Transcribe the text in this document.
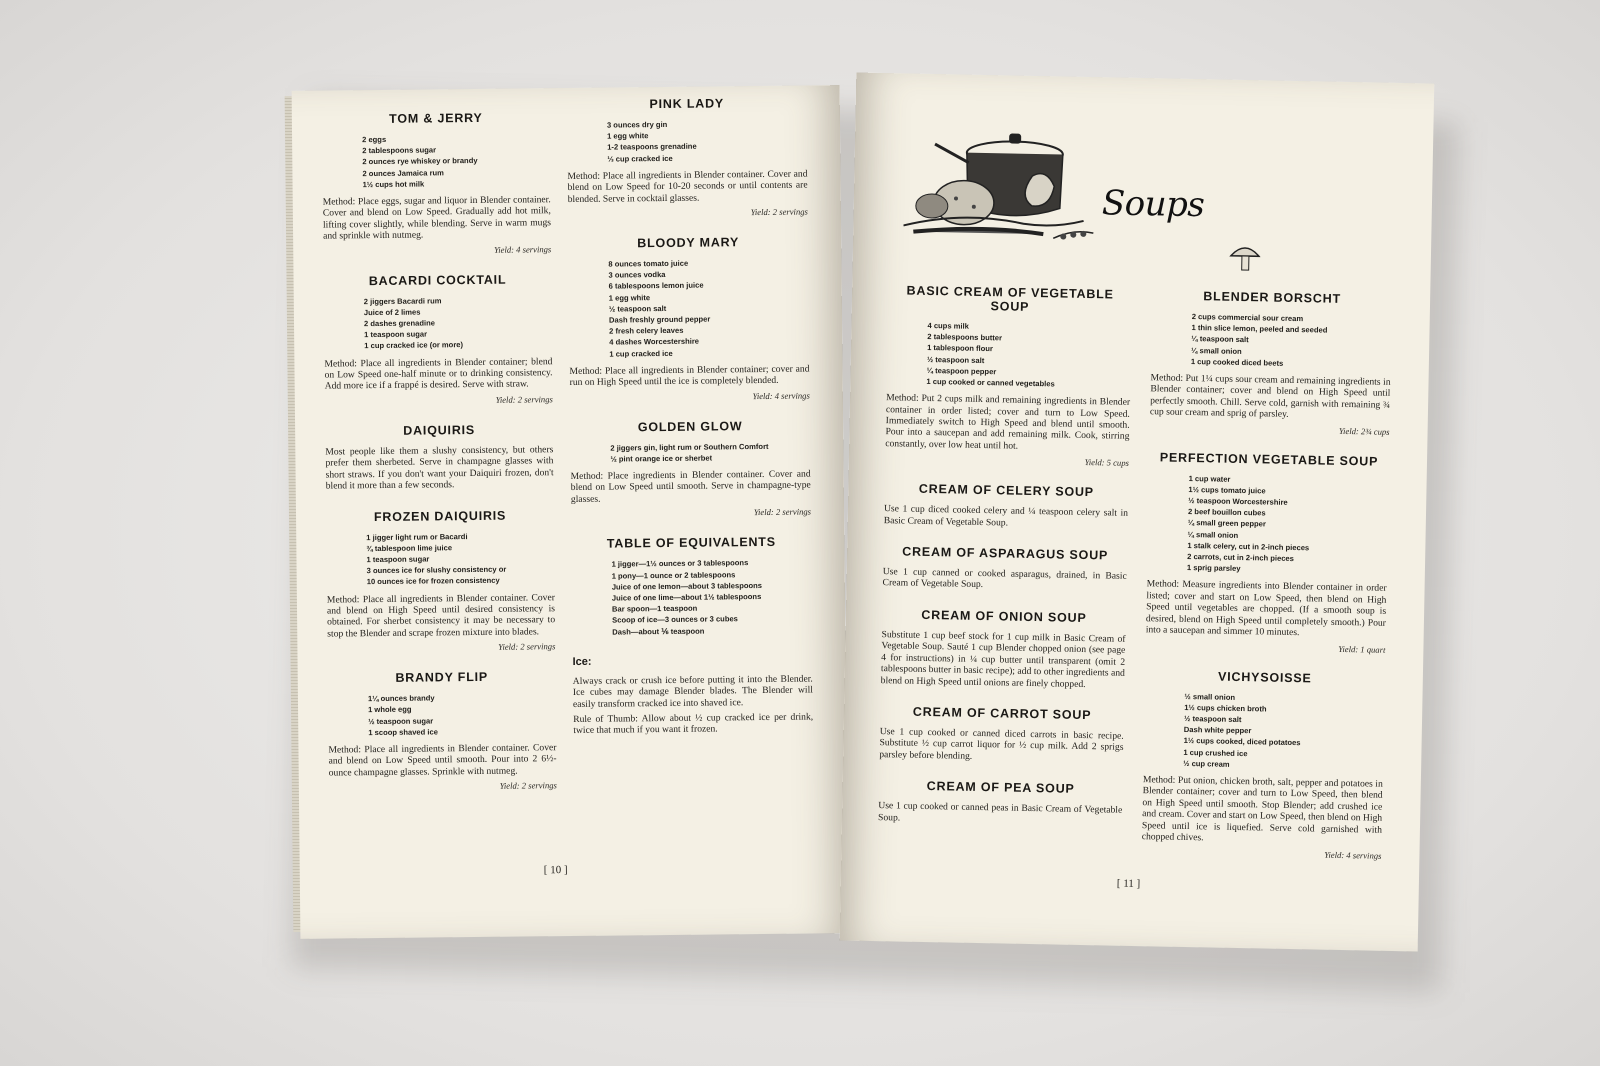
TOM & JERRY
2 eggs
2 tablespoons sugar
2 ounces rye whiskey or brandy
2 ounces Jamaica rum
1½ cups hot milk

Method: Place eggs, sugar and liquor in Blender container. Cover and blend on Low Speed. Gradually add hot milk, lifting cover slightly, while blending. Serve in warm mugs and sprinkle with nutmeg.

Yield: 4 servings

BACARDI COCKTAIL
2 jiggers Bacardi rum
Juice of 2 limes
2 dashes grenadine
1 teaspoon sugar
1 cup cracked ice (or more)

Method: Place all ingredients in Blender container; blend on Low Speed one-half minute or to drinking consistency. Add more ice if a frappé is desired. Serve with straw.

Yield: 2 servings

DAIQUIRIS

Most people like them a slushy consistency, but others prefer them sherbeted. Serve in champagne glasses with short straws. If you don't want your Daiquiri frozen, don't blend it more than a few seconds.

FROZEN DAIQUIRIS
1 jigger light rum or Bacardi
¾ tablespoon lime juice
1 teaspoon sugar
3 ounces ice for slushy consistency or
10 ounces ice for frozen consistency

Method: Place all ingredients in Blender container. Cover and blend on High Speed until desired consistency is obtained. For sherbet consistency it may be necessary to stop the Blender and scrape frozen mixture into blades.

Yield: 2 servings

BRANDY FLIP
1¼ ounces brandy
1 whole egg
½ teaspoon sugar
1 scoop shaved ice

Method: Place all ingredients in Blender container. Cover and blend on Low Speed until smooth. Pour into 2 6½-ounce champagne glasses. Sprinkle with nutmeg.

Yield: 2 servings

PINK LADY
3 ounces dry gin
1 egg white
1-2 teaspoons grenadine
⅓ cup cracked ice

Method: Place all ingredients in Blender container. Cover and blend on Low Speed for 10-20 seconds or until contents are blended. Serve in cocktail glasses.

Yield: 2 servings

BLOODY MARY
8 ounces tomato juice
3 ounces vodka
6 tablespoons lemon juice
1 egg white
½ teaspoon salt
Dash freshly ground pepper
2 fresh celery leaves
4 dashes Worcestershire
1 cup cracked ice

Method: Place all ingredients in Blender container; cover and run on High Speed until the ice is completely blended.

Yield: 4 servings

GOLDEN GLOW
2 jiggers gin, light rum or Southern Comfort
½ pint orange ice or sherbet

Method: Place ingredients in Blender container. Cover and blend on Low Speed until smooth. Serve in champagne-type glasses.

Yield: 2 servings

TABLE OF EQUIVALENTS
1 jigger—1½ ounces or 3 tablespoons
1 pony—1 ounce or 2 tablespoons
Juice of one lemon—about 3 tablespoons
Juice of one lime—about 1½ tablespoons
Bar spoon—1 teaspoon
Scoop of ice—3 ounces or 3 cubes
Dash—about ⅙ teaspoon
Ice:

Always crack or crush ice before putting it into the Blender. Ice cubes may damage Blender blades. The Blender will easily transform cracked ice into shaved ice.

Rule of Thumb: Allow about ½ cup cracked ice per drink, twice that much if you want it frozen.

[ 10 ]
Soups
BASIC CREAM OF VEGETABLE SOUP
4 cups milk
2 tablespoons butter
1 tablespoon flour
½ teaspoon salt
¼ teaspoon pepper
1 cup cooked or canned vegetables

Method: Put 2 cups milk and remaining ingredients in Blender container in order listed; cover and turn to Low Speed. Immediately switch to High Speed and blend until smooth. Pour into a saucepan and add remaining milk. Cook, stirring constantly, over low heat until hot.

Yield: 5 cups

CREAM OF CELERY SOUP

Use 1 cup diced cooked celery and ¼ teaspoon celery salt in Basic Cream of Vegetable Soup.

CREAM OF ASPARAGUS SOUP

Use 1 cup canned or cooked asparagus, drained, in Basic Cream of Vegetable Soup.

CREAM OF ONION SOUP

Substitute 1 cup beef stock for 1 cup milk in Basic Cream of Vegetable Soup. Sauté 1 cup Blender chopped onion (see page 4 for instructions) in ¼ cup butter until transparent (omit 2 tablespoons butter in basic recipe); add to other ingredients and blend on High Speed until onions are finely chopped.

CREAM OF CARROT SOUP

Use 1 cup cooked or canned diced carrots in basic recipe. Substitute ½ cup carrot liquor for ½ cup milk. Add 2 sprigs parsley before blending.

CREAM OF PEA SOUP

Use 1 cup cooked or canned peas in Basic Cream of Vegetable Soup.

BLENDER BORSCHT
2 cups commercial sour cream
1 thin slice lemon, peeled and seeded
¼ teaspoon salt
¼ small onion
1 cup cooked diced beets

Method: Put 1¼ cups sour cream and remaining ingredients in Blender container; cover and blend on High Speed until perfectly smooth. Chill. Serve cold, garnish with remaining ¾ cup sour cream and sprig of parsley.

Yield: 2¾ cups

PERFECTION VEGETABLE SOUP
1 cup water
1½ cups tomato juice
½ teaspoon Worcestershire
2 beef bouillon cubes
¼ small green pepper
¼ small onion
1 stalk celery, cut in 2-inch pieces
2 carrots, cut in 2-inch pieces
1 sprig parsley

Method: Measure ingredients into Blender container in order listed; cover and start on Low Speed, then blend on High Speed until vegetables are chopped. (If a smooth soup is desired, blend on High Speed until completely smooth.) Pour into a saucepan and simmer 10 minutes.

Yield: 1 quart

VICHYSOISSE
½ small onion
1½ cups chicken broth
½ teaspoon salt
Dash white pepper
1½ cups cooked, diced potatoes
1 cup crushed ice
½ cup cream

Method: Put onion, chicken broth, salt, pepper and potatoes in Blender container; cover and turn to Low Speed, then blend on High Speed until smooth. Stop Blender; add crushed ice and cream. Cover and start on Low Speed, then blend on High Speed until ice is liquefied. Serve cold garnished with chopped chives.

Yield: 4 servings

[ 11 ]
